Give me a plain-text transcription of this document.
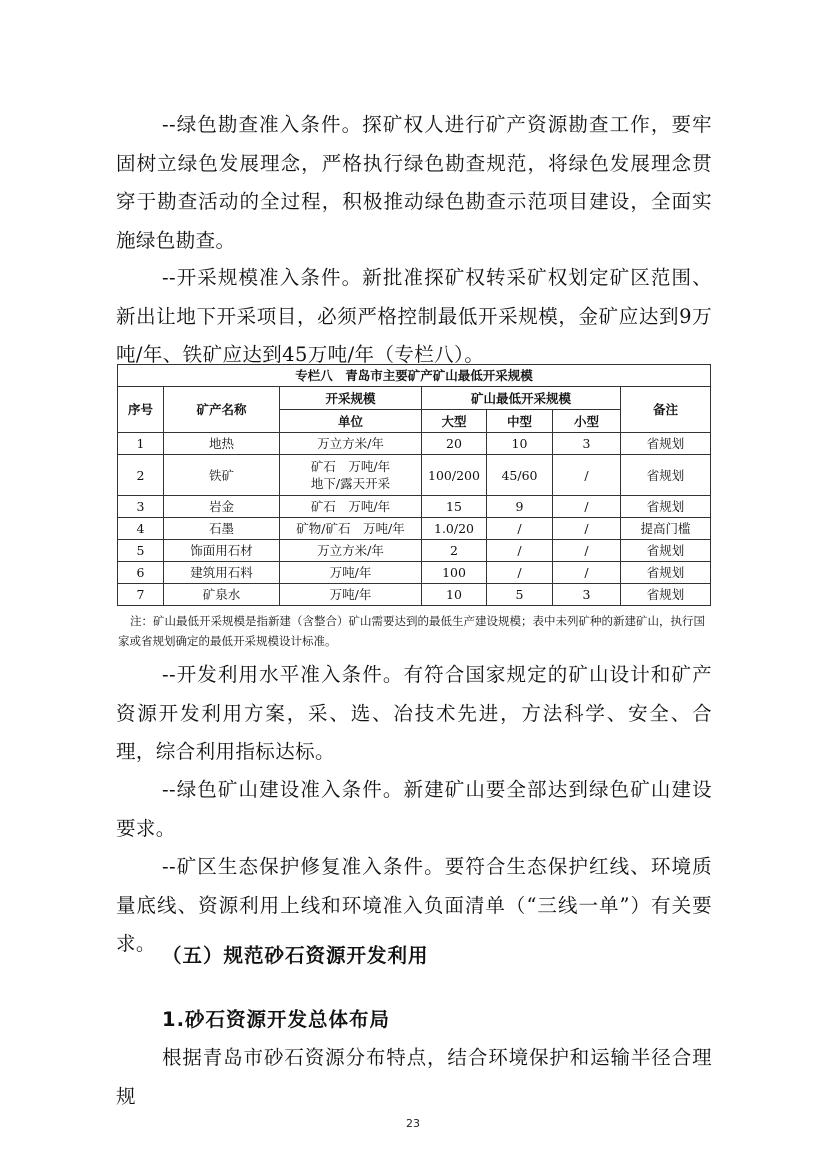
--绿色勘查准入条件。探矿权人进行矿产资源勘查工作，要牢固树立绿色发展理念，严格执行绿色勘查规范，将绿色发展理念贯穿于勘查活动的全过程，积极推动绿色勘查示范项目建设，全面实施绿色勘查。

--开采规模准入条件。新批准探矿权转采矿权划定矿区范围、新出让地下开采项目，必须严格控制最低开采规模，金矿应达到9万吨/年、铁矿应达到45万吨/年（专栏八）。

专栏八　青岛市主要矿产矿山最低开采规模						
序号	矿产名称	开采规模	矿山最低开采规模			备注
		单位	大型	中型	小型	
1	地热	万立方米/年	20	10	3	省规划
2	铁矿	矿石　万吨/年
地下/露天开采	100/200	45/60	/	省规划
3	岩金	矿石　万吨/年	15	9	/	省规划
4	石墨	矿物/矿石　万吨/年	1.0/20	/	/	提高门槛
5	饰面用石材	万立方米/年	2	/	/	省规划
6	建筑用石料	万吨/年	100	/	/	省规划
7	矿泉水	万吨/年	10	5	3	省规划

注：矿山最低开采规模是指新建（含整合）矿山需要达到的最低生产建设规模；表中未列矿种的新建矿山，执行国家或省规划确定的最低开采规模设计标准。

--开发利用水平准入条件。有符合国家规定的矿山设计和矿产资源开发利用方案，采、选、冶技术先进，方法科学、安全、合理，综合利用指标达标。

--绿色矿山建设准入条件。新建矿山要全部达到绿色矿山建设要求。

--矿区生态保护修复准入条件。要符合生态保护红线、环境质量底线、资源利用上线和环境准入负面清单（“三线一单”）有关要求。

（五）规范砂石资源开发利用
1.砂石资源开发总体布局

根据青岛市砂石资源分布特点，结合环境保护和运输半径合理规

23
